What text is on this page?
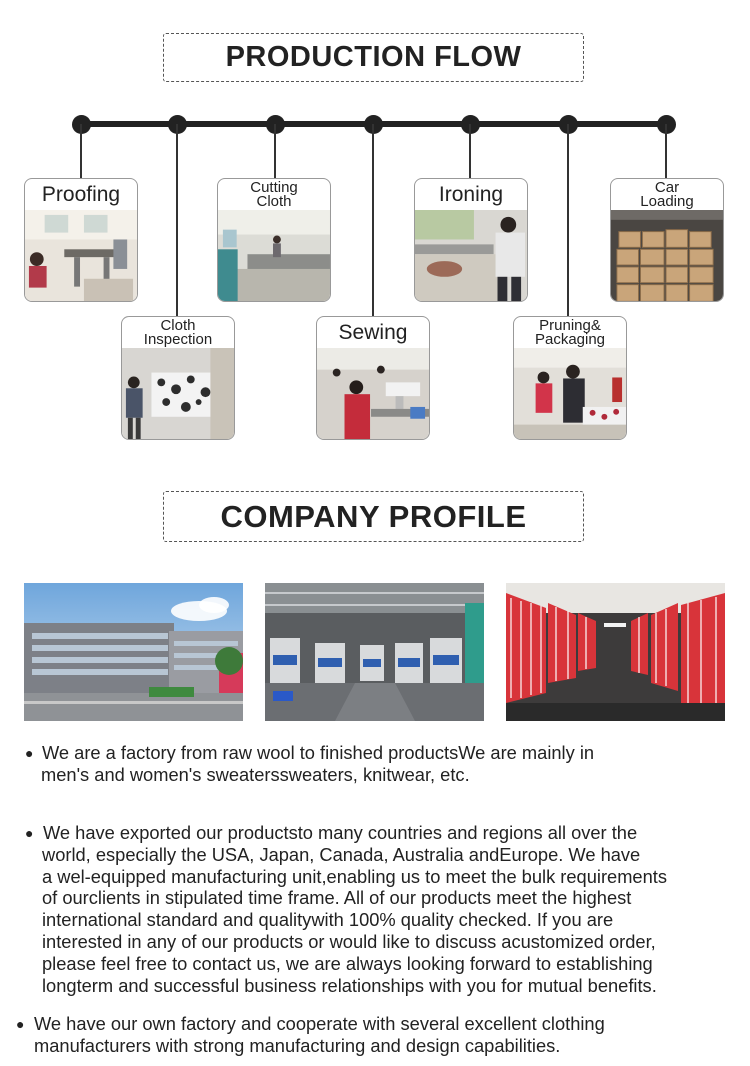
PRODUCTION FLOW
Proofing
Cloth
Inspection
Cutting
Cloth
Sewing
Ironing
Pruning&
Packaging
Car
Loading
COMPANY PROFILE
● We are a factory from raw wool to finished productsWe are mainly in
men's and women's sweaterssweaters, knitwear, etc.
● We have exported our productsto many countries and regions all over the
world, especially the USA, Japan, Canada, Australia andEurope. We have
a wel-equipped manufacturing unit,enabling us to meet the bulk requirements
of ourclients in stipulated time frame. All of our products meet the highest
international standard and qualitywith 100% quality checked. If you are
interested in any of our products or would like to discuss acustomized order,
please feel free to contact us, we are always looking forward to establishing
longterm and successful business relationships with you for mutual benefits.
● We have our own factory and cooperate with several excellent clothing
manufacturers with strong manufacturing and design capabilities.
